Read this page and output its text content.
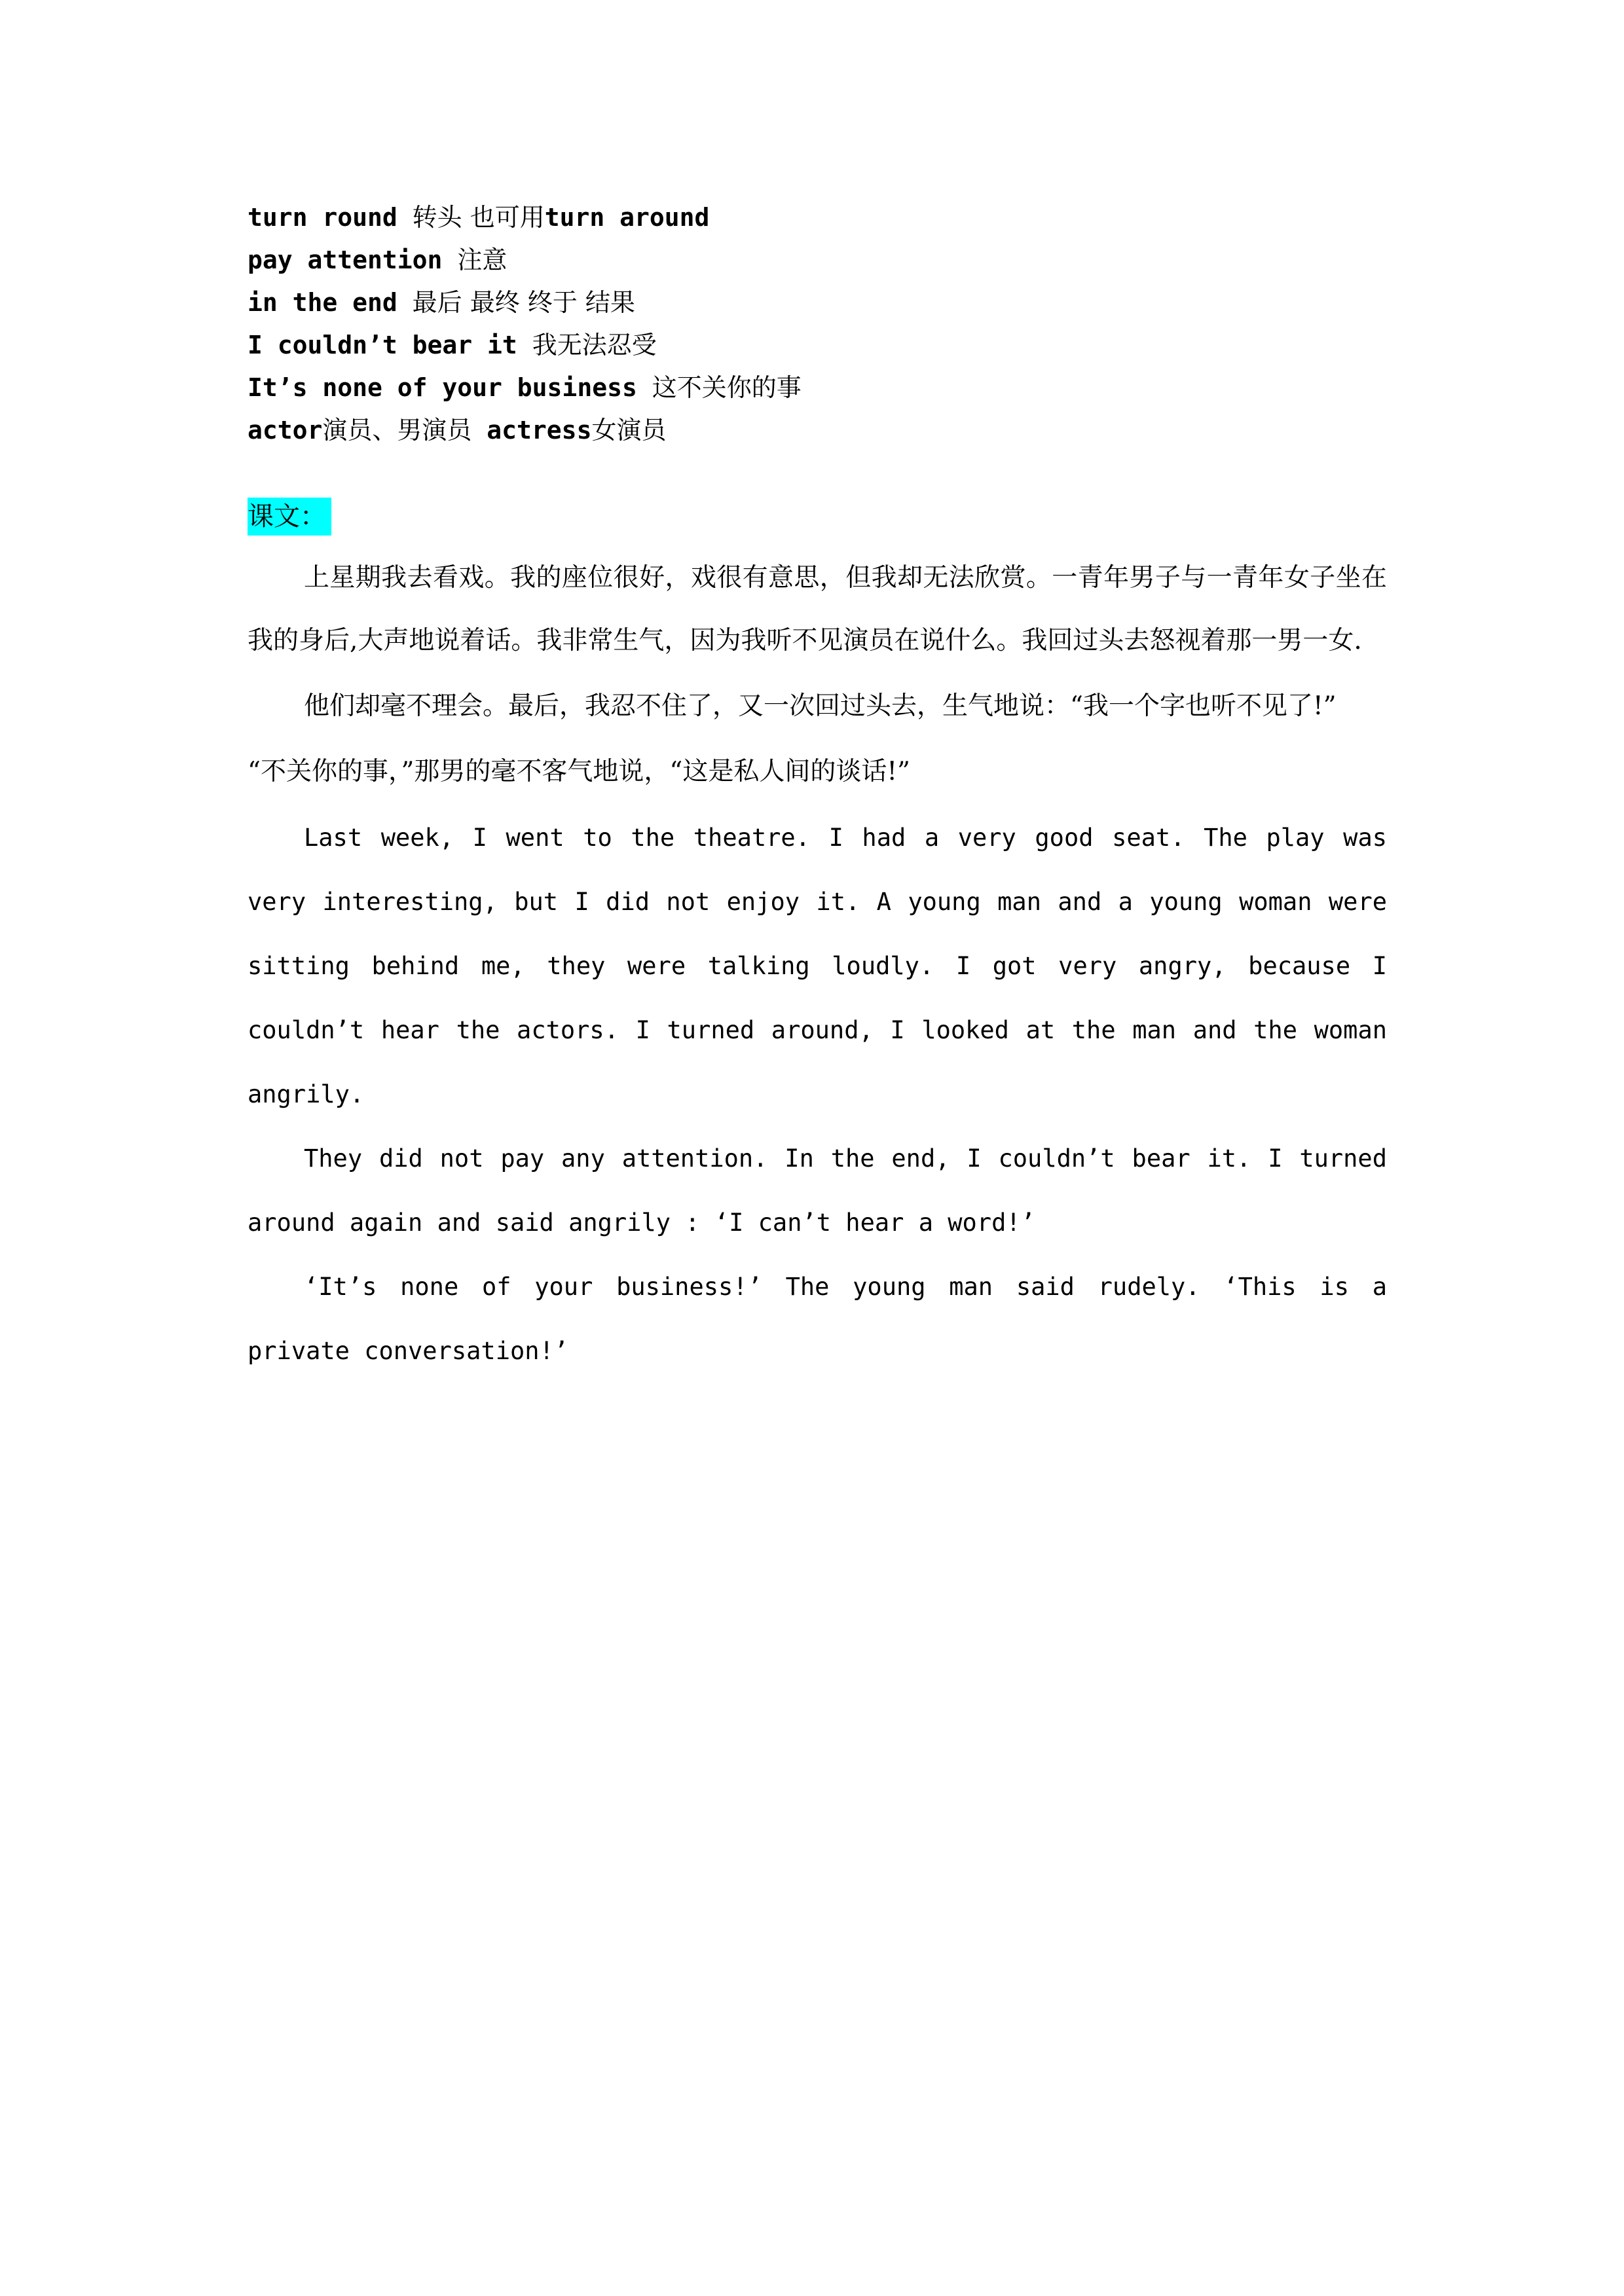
turn round 转头 也可用turn around
pay attention 注意
in the end 最后 最终 终于 结果
I couldn’t bear it 我无法忍受
It’s none of your business 这不关你的事
actor演员、男演员 actress女演员
课文：

上星期我去看戏。我的座位很好，戏很有意思，但我却无法欣赏。一青年男子与一青年女子坐在我的身后,大声地说着话。我非常生气，因为我听不见演员在说什么。我回过头去怒视着那一男一女.

他们却毫不理会。最后，我忍不住了，又一次回过头去，生气地说：“我一个字也听不见了!”

“不关你的事，”那男的毫不客气地说，“这是私人间的谈话!”

Last week, I went to the theatre. I had a very good seat. The play was very interesting, but I did not enjoy it. A young man and a young woman were sitting behind me, they were talking loudly. I got very angry, because I couldn’t hear the actors. I turned around, I looked at the man and the woman angrily.

They did not pay any attention. In the end, I couldn’t bear it. I turned around again and said angrily : ‘I can’t hear a word!’

‘It’s none of your business!’ The young man said rudely. ‘This is a private conversation!’
